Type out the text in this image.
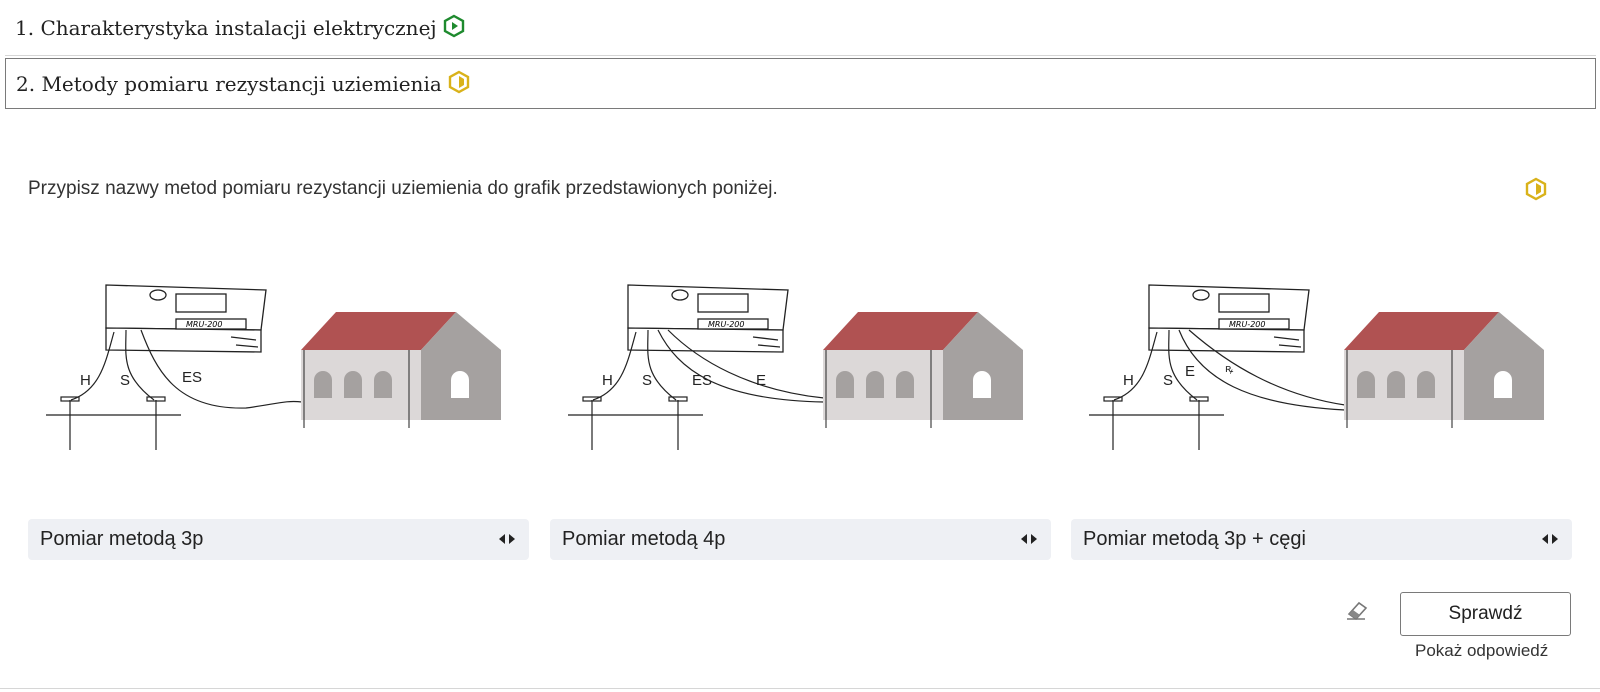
1. Charakterystyka instalacji elektrycznej
2. Metody pomiaru rezystancji uziemienia
Przypisz nazwy metod pomiaru rezystancji uziemienia do grafik przedstawionych poniżej.
MRU-200
H S	ES
MRU-200
H S	ES	E
MRU-200
H S
E	ꝶ
Pomiar metodą 3p	Pomiar metodą 4p	Pomiar metodą 3p + cęgi
Sprawdź
Pokaż odpowiedź
